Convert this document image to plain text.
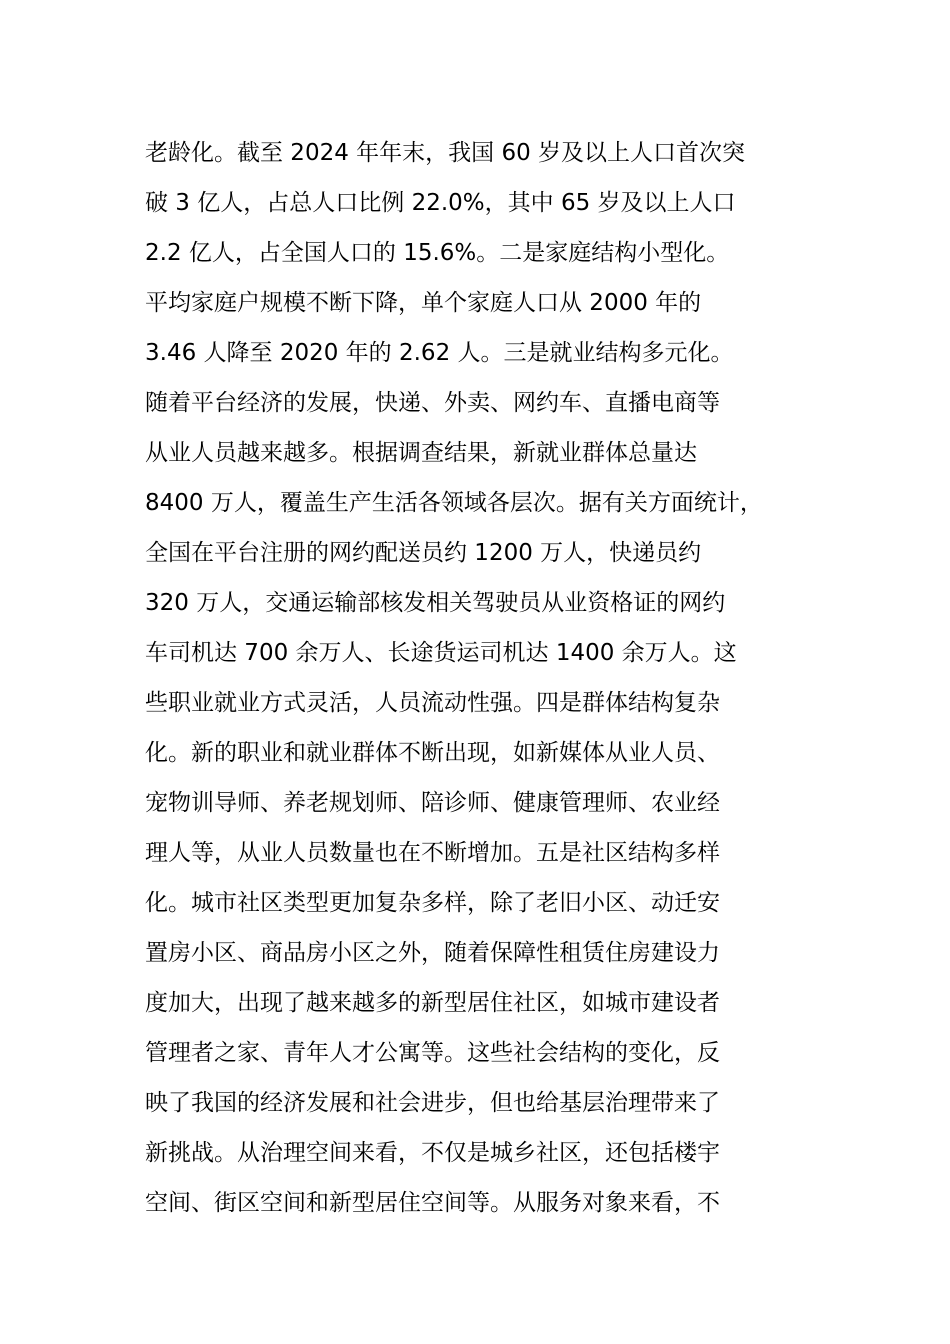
老龄化。截至 2024 年年末，我国 60 岁及以上人口首次突
破 3 亿人，占总人口比例 22.0%，其中 65 岁及以上人口
2.2 亿人，占全国人口的 15.6%。二是家庭结构小型化。
平均家庭户规模不断下降，单个家庭人口从 2000 年的
3.46 人降至 2020 年的 2.62 人。三是就业结构多元化。
随着平台经济的发展，快递、外卖、网约车、直播电商等
从业人员越来越多。根据调查结果，新就业群体总量达
8400 万人，覆盖生产生活各领域各层次。据有关方面统计，
全国在平台注册的网约配送员约 1200 万人，快递员约
320 万人，交通运输部核发相关驾驶员从业资格证的网约
车司机达 700 余万人、长途货运司机达 1400 余万人。这
些职业就业方式灵活，人员流动性强。四是群体结构复杂
化。新的职业和就业群体不断出现，如新媒体从业人员、
宠物训导师、养老规划师、陪诊师、健康管理师、农业经
理人等，从业人员数量也在不断增加。五是社区结构多样
化。城市社区类型更加复杂多样，除了老旧小区、动迁安
置房小区、商品房小区之外，随着保障性租赁住房建设力
度加大，出现了越来越多的新型居住社区，如城市建设者
管理者之家、青年人才公寓等。这些社会结构的变化，反
映了我国的经济发展和社会进步，但也给基层治理带来了
新挑战。从治理空间来看，不仅是城乡社区，还包括楼宇
空间、街区空间和新型居住空间等。从服务对象来看，不
